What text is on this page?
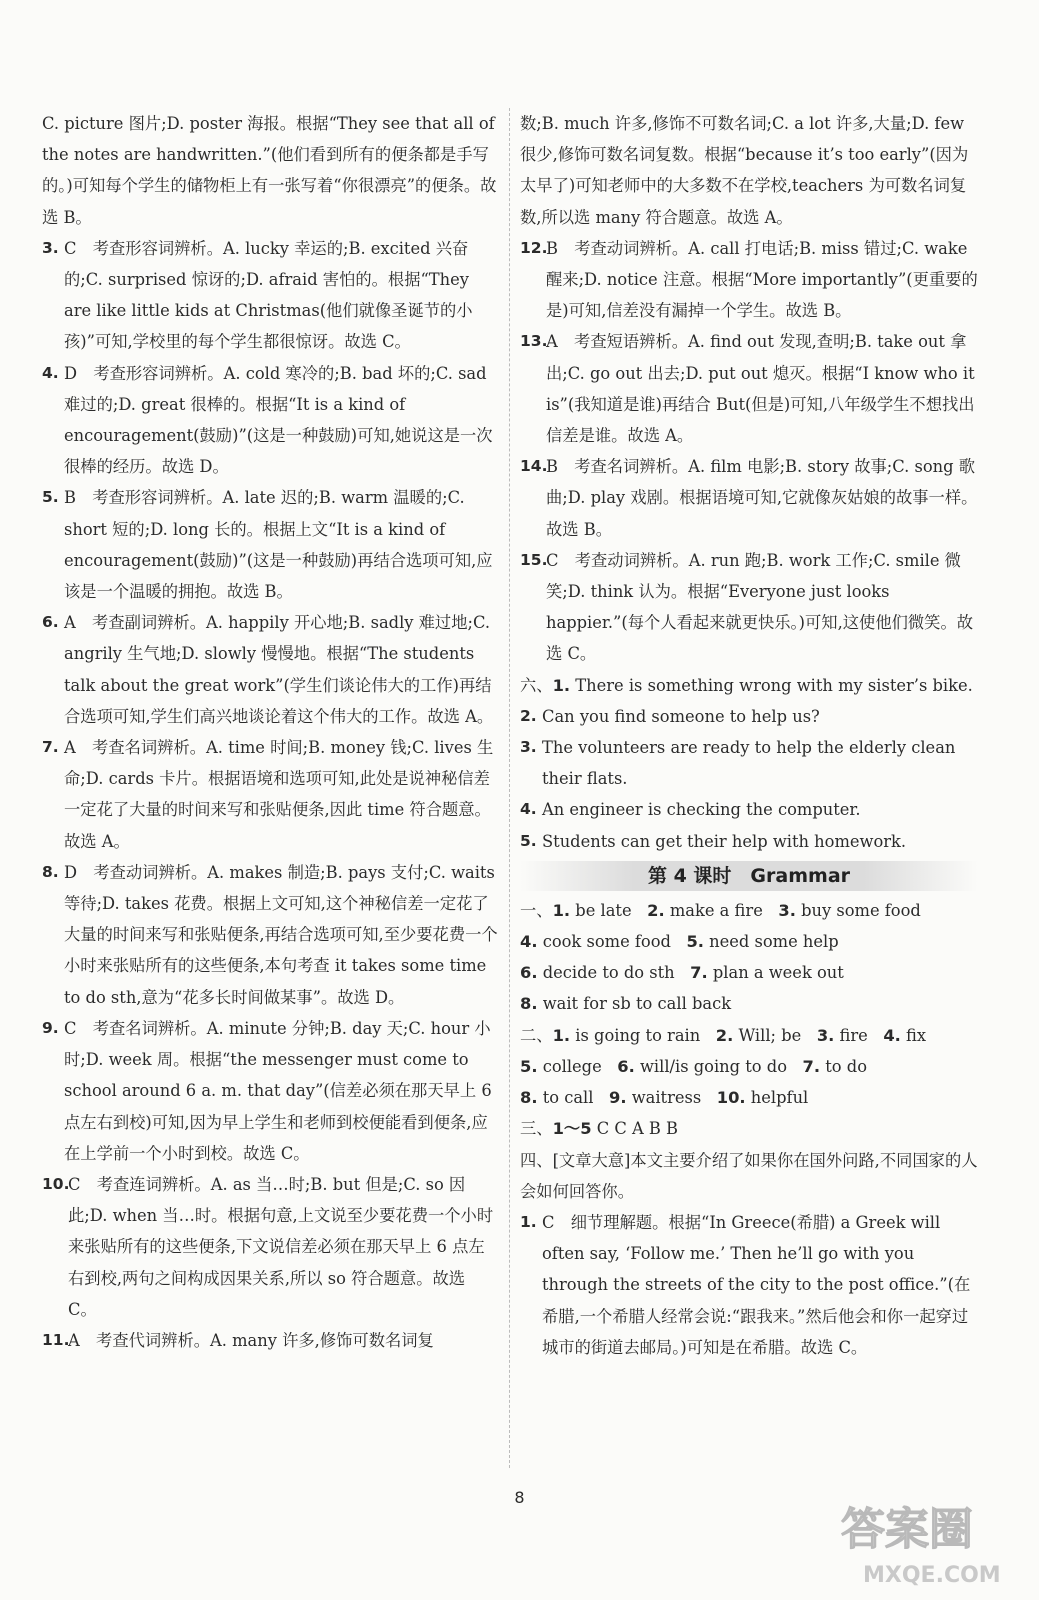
C. picture 图片;D. poster 海报。根据“They see that all of the notes are handwritten.”(他们看到所有的便条都是手写的。)可知每个学生的储物柜上有一张写着“你很漂亮”的便条。故选 B。
3. C　考查形容词辨析。A. lucky 幸运的;B. excited 兴奋的;C. surprised 惊讶的;D. afraid 害怕的。根据“They are like little kids at Christmas(他们就像圣诞节的小孩)”可知,学校里的每个学生都很惊讶。故选 C。
4. D　考查形容词辨析。A. cold 寒冷的;B. bad 坏的;C. sad 难过的;D. great 很棒的。根据“It is a kind of encouragement(鼓励)”(这是一种鼓励)可知,她说这是一次很棒的经历。故选 D。
5. B　考查形容词辨析。A. late 迟的;B. warm 温暖的;C. short 短的;D. long 长的。根据上文“It is a kind of encouragement(鼓励)”(这是一种鼓励)再结合选项可知,应该是一个温暖的拥抱。故选 B。
6. A　考查副词辨析。A. happily 开心地;B. sadly 难过地;C. angrily 生气地;D. slowly 慢慢地。根据“The students talk about the great work”(学生们谈论伟大的工作)再结合选项可知,学生们高兴地谈论着这个伟大的工作。故选 A。
7. A　考查名词辨析。A. time 时间;B. money 钱;C. lives 生命;D. cards 卡片。根据语境和选项可知,此处是说神秘信差一定花了大量的时间来写和张贴便条,因此 time 符合题意。故选 A。
8. D　考查动词辨析。A. makes 制造;B. pays 支付;C. waits 等待;D. takes 花费。根据上文可知,这个神秘信差一定花了大量的时间来写和张贴便条,再结合选项可知,至少要花费一个小时来张贴所有的这些便条,本句考查 it takes some time to do sth,意为“花多长时间做某事”。故选 D。
9. C　考查名词辨析。A. minute 分钟;B. day 天;C. hour 小时;D. week 周。根据“the messenger must come to school around 6 a. m. that day”(信差必须在那天早上 6 点左右到校)可知,因为早上学生和老师到校便能看到便条,应在上学前一个小时到校。故选 C。
10.
C　考查连词辨析。A. as 当…时;B. but 但是;C. so 因此;D. when 当…时。根据句意,上文说至少要花费一个小时来张贴所有的这些便条,下文说信差必须在那天早上 6 点左右到校,两句之间构成因果关系,所以 so 符合题意。故选 C。
11.
A　考查代词辨析。A. many 许多,修饰可数名词复
数;B. much 许多,修饰不可数名词;C. a lot 许多,大量;D. few 很少,修饰可数名词复数。根据“because it’s too early”(因为太早了)可知老师中的大多数不在学校,teachers 为可数名词复数,所以选 many 符合题意。故选 A。
12.
B　考查动词辨析。A. call 打电话;B. miss 错过;C. wake 醒来;D. notice 注意。根据“More importantly”(更重要的是)可知,信差没有漏掉一个学生。故选 B。
13.
A　考查短语辨析。A. find out 发现,查明;B. take out 拿出;C. go out 出去;D. put out 熄灭。根据“I know who it is”(我知道是谁)再结合 But(但是)可知,八年级学生不想找出信差是谁。故选 A。
14.
B　考查名词辨析。A. film 电影;B. story 故事;C. song 歌曲;D. play 戏剧。根据语境可知,它就像灰姑娘的故事一样。故选 B。
15.
C　考查动词辨析。A. run 跑;B. work 工作;C. smile 微笑;D. think 认为。根据“Everyone just looks happier.”(每个人看起来就更快乐。)可知,这使他们微笑。故选 C。
六、1. There is something wrong with my sister’s bike.
2. Can you find someone to help us?
3. The volunteers are ready to help the elderly clean their flats.
4. An engineer is checking the computer.
5. Students can get their help with homework.
第 4 课时　Grammar
一、1. be late 2. make a fire 3. buy some food
4. cook some food 5. need some help
6. decide to do sth 7. plan a week out
8. wait for sb to call back
二、1. is going to rain 2. Will; be 3. fire 4. fix
5. college 6. will/is going to do 7. to do
8. to call 9. waitress 10. helpful
三、1～5 C C A B B
四、[文章大意]本文主要介绍了如果你在国外问路,不同国家的人会如何回答你。
1. C　细节理解题。根据“In Greece(希腊) a Greek will often say, ‘Follow me.’ Then he’ll go with you through the streets of the city to the post office.”(在希腊,一个希腊人经常会说:“跟我来。”然后他会和你一起穿过城市的街道去邮局。)可知是在希腊。故选 C。
8
答案圈
MXQE.COM
